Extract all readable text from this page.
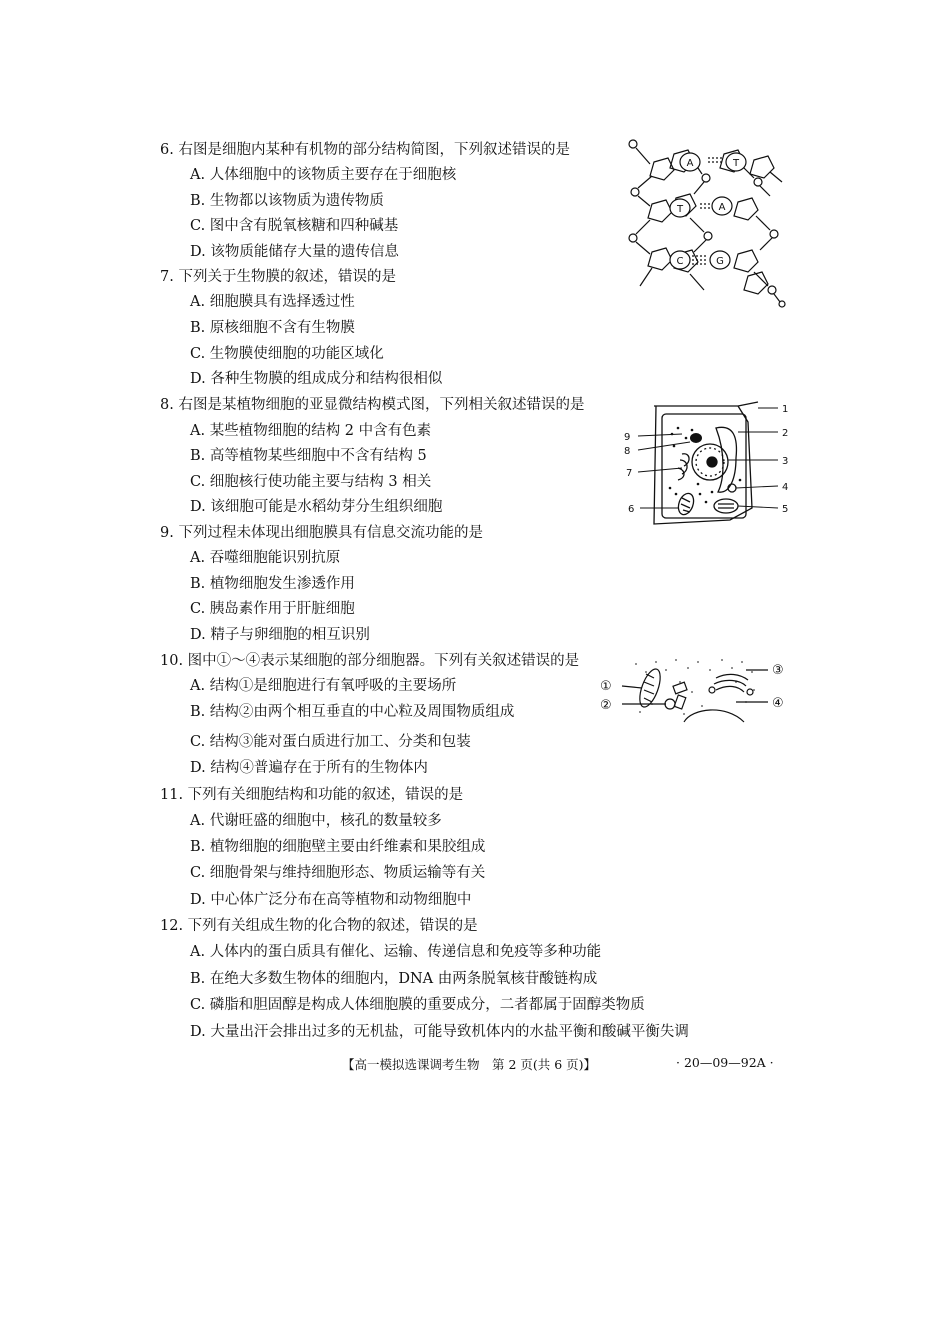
6. 右图是细胞内某种有机物的部分结构简图，下列叙述错误的是
A. 人体细胞中的该物质主要存在于细胞核
B. 生物都以该物质为遗传物质
C. 图中含有脱氧核糖和四种碱基
D. 该物质能储存大量的遗传信息
7. 下列关于生物膜的叙述，错误的是
A. 细胞膜具有选择透过性
B. 原核细胞不含有生物膜
C. 生物膜使细胞的功能区域化
D. 各种生物膜的组成成分和结构很相似
8. 右图是某植物细胞的亚显微结构模式图，下列相关叙述错误的是
A. 某些植物细胞的结构 2 中含有色素
B. 高等植物某些细胞中不含有结构 5
C. 细胞核行使功能主要与结构 3 相关
D. 该细胞可能是水稻幼芽分生组织细胞
9. 下列过程未体现出细胞膜具有信息交流功能的是
A. 吞噬细胞能识别抗原
B. 植物细胞发生渗透作用
C. 胰岛素作用于肝脏细胞
D. 精子与卵细胞的相互识别
10. 图中①～④表示某细胞的部分细胞器。下列有关叙述错误的是
A. 结构①是细胞进行有氧呼吸的主要场所
B. 结构②由两个相互垂直的中心粒及周围物质组成
C. 结构③能对蛋白质进行加工、分类和包装
D. 结构④普遍存在于所有的生物体内
11. 下列有关细胞结构和功能的叙述，错误的是
A. 代谢旺盛的细胞中，核孔的数量较多
B. 植物细胞的细胞壁主要由纤维素和果胶组成
C. 细胞骨架与维持细胞形态、物质运输等有关
D. 中心体广泛分布在高等植物和动物细胞中
12. 下列有关组成生物的化合物的叙述，错误的是
A. 人体内的蛋白质具有催化、运输、传递信息和免疫等多种功能
B. 在绝大多数生物体的细胞内，DNA 由两条脱氧核苷酸链构成
C. 磷脂和胆固醇是构成人体细胞膜的重要成分，二者都属于固醇类物质
D. 大量出汗会排出过多的无机盐，可能导致机体内的水盐平衡和酸碱平衡失调
A	T
T	A
C	G
1
2
3
4
5
6
7
8
9
①
②
③
④
【高一模拟选课调考生物　第 2 页(共 6 页)】	· 20—09—92A ·
